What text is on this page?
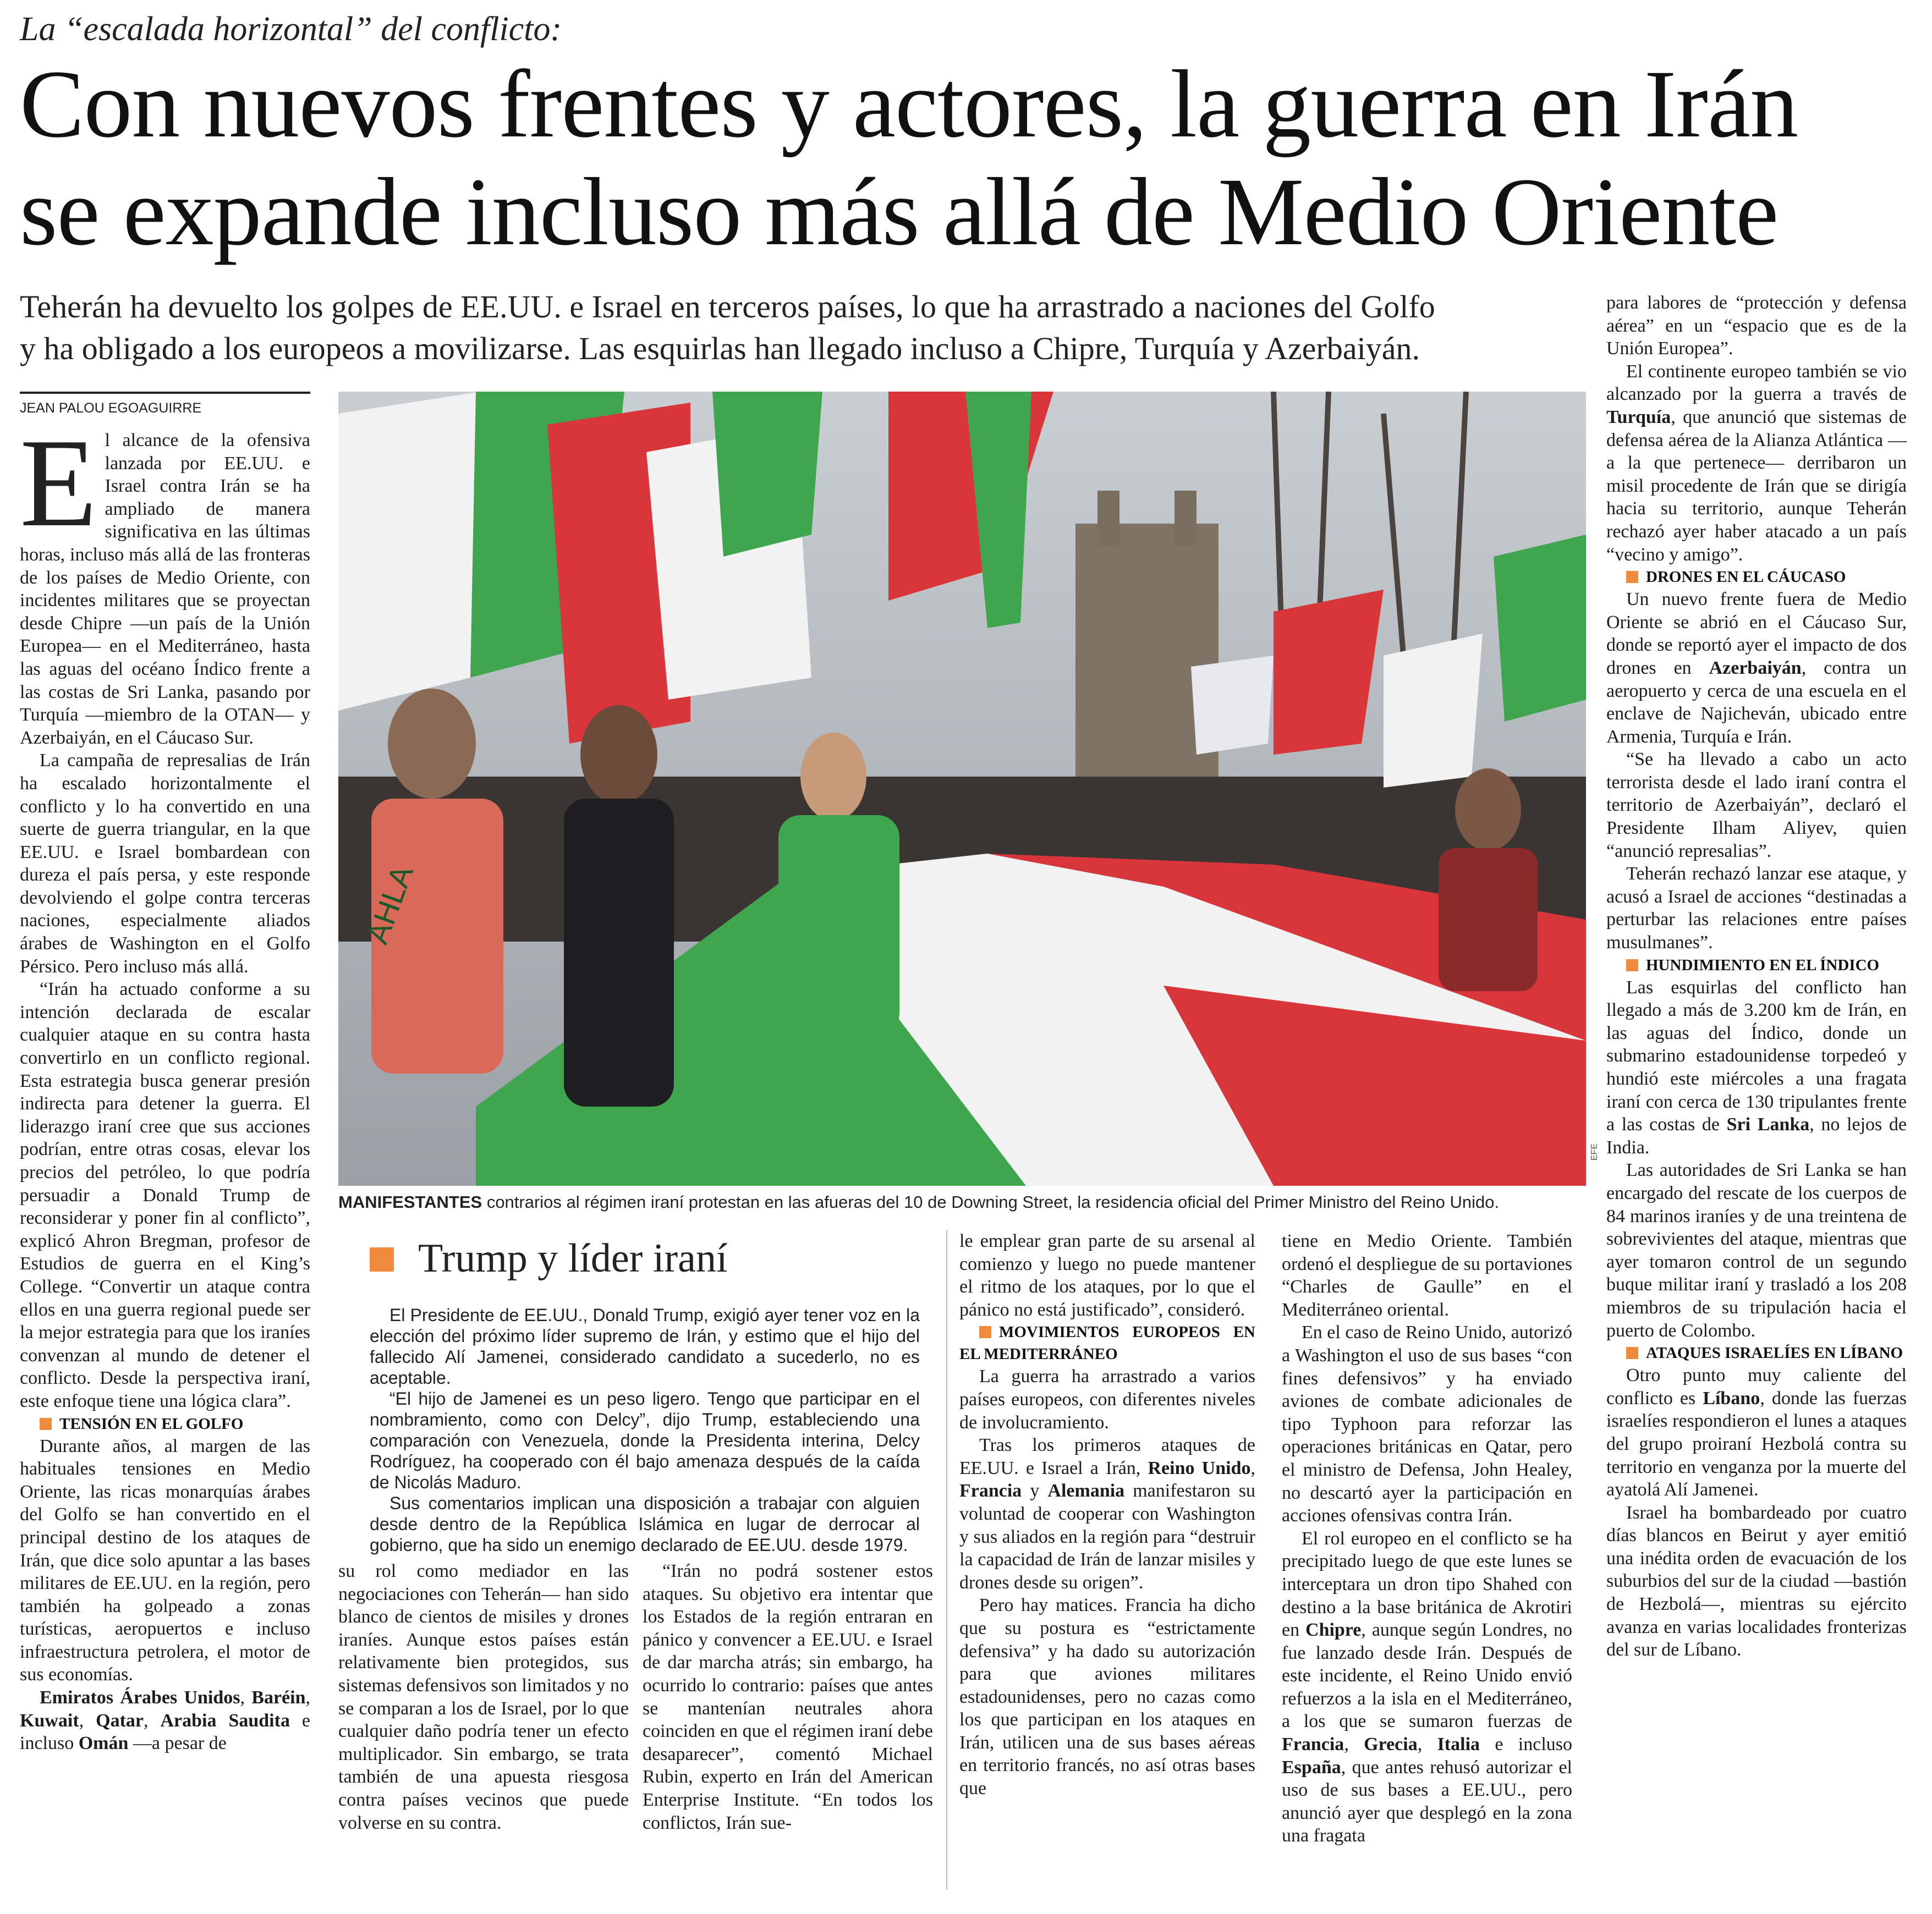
La “escalada horizontal” del conflicto:
Con nuevos frentes y actores, la guerra en Irán
se expande incluso más allá de Medio Oriente
Teherán ha devuelto los golpes de EE.UU. e Israel en terceros países, lo que ha arrastrado a naciones del Golfo
y ha obligado a los europeos a movilizarse. Las esquirlas han llegado incluso a Chipre, Turquía y Azerbaiyán.
JEAN PALOU EGOAGUIRRE

El alcance de la ofensiva lanzada por EE.UU. e Israel contra Irán se ha ampliado de manera significativa en las últimas horas, incluso más allá de las fronteras de los países de Medio Oriente, con incidentes militares que se proyectan desde Chipre —un país de la Unión Europea— en el Mediterráneo, hasta las aguas del océano Índico frente a las costas de Sri Lanka, pasando por Turquía —miembro de la OTAN— y Azerbaiyán, en el Cáucaso Sur.

La campaña de represalias de Irán ha escalado horizontalmente el conflicto y lo ha convertido en una suerte de guerra triangular, en la que EE.UU. e Israel bombardean con dureza el país persa, y este responde devolviendo el golpe contra terceras naciones, especialmente aliados árabes de Washington en el Golfo Pérsico. Pero incluso más allá.

“Irán ha actuado conforme a su intención declarada de escalar cualquier ataque en su contra hasta convertirlo en un conflicto regional. Esta estrategia busca generar presión indirecta para detener la guerra. El liderazgo iraní cree que sus acciones podrían, entre otras cosas, elevar los precios del petróleo, lo que podría persuadir a Donald Trump de reconsiderar y poner fin al conflicto”, explicó Ahron Bregman, profesor de Estudios de guerra en el King’s College. “Convertir un ataque contra ellos en una guerra regional puede ser la mejor estrategia para que los iraníes convenzan al mundo de detener el conflicto. Desde la perspectiva iraní, este enfoque tiene una lógica clara”.

TENSIÓN EN EL GOLFO

Durante años, al margen de las habituales tensiones en Medio Oriente, las ricas monarquías árabes del Golfo se han convertido en el principal destino de los ataques de Irán, que dice solo apuntar a las bases militares de EE.UU. en la región, pero también ha golpeado a zonas turísticas, aeropuertos e incluso infraestructura petrolera, el motor de sus economías.

Emiratos Árabes Unidos, Baréin, Kuwait, Qatar, Arabia Saudita e incluso Omán —a pesar de

AHLA
EFE
MANIFESTANTES contrarios al régimen iraní protestan en las afueras del 10 de Downing Street, la residencia oficial del Primer Ministro del Reino Unido.
Trump y líder iraní

El Presidente de EE.UU., Donald Trump, exigió ayer tener voz en la elección del próximo líder supremo de Irán, y estimo que el hijo del fallecido Alí Jamenei, considerado candidato a sucederlo, no es aceptable.

“El hijo de Jamenei es un peso ligero. Tengo que participar en el nombramiento, como con Delcy”, dijo Trump, estableciendo una comparación con Venezuela, donde la Presidenta interina, Delcy Rodríguez, ha cooperado con él bajo amenaza después de la caída de Nicolás Maduro.

Sus comentarios implican una disposición a trabajar con alguien desde dentro de la República Islámica en lugar de derrocar al gobierno, que ha sido un enemigo declarado de EE.UU. desde 1979.

su rol como mediador en las negociaciones con Teherán— han sido blanco de cientos de misiles y drones iraníes. Aunque estos países están relativamente bien protegidos, sus sistemas defensivos son limitados y no se comparan a los de Israel, por lo que cualquier daño podría tener un efecto multiplicador. Sin embargo, se trata también de una apuesta riesgosa contra países vecinos que puede volverse en su contra.

“Irán no podrá sostener estos ataques. Su objetivo era intentar que los Estados de la región entraran en pánico y convencer a EE.UU. e Israel de dar marcha atrás; sin embargo, ha ocurrido lo contrario: países que antes se mantenían neutrales ahora coinciden en que el régimen iraní debe desaparecer”, comentó Michael Rubin, experto en Irán del American Enterprise Institute. “En todos los conflictos, Irán sue-

le emplear gran parte de su arsenal al comienzo y luego no puede mantener el ritmo de los ataques, por lo que el pánico no está justificado”, consideró.

MOVIMIENTOS EUROPEOS EN EL MEDITERRÁNEO

La guerra ha arrastrado a varios países europeos, con diferentes niveles de involucramiento.

Tras los primeros ataques de EE.UU. e Israel a Irán, Reino Unido, Francia y Alemania manifestaron su voluntad de cooperar con Washington y sus aliados en la región para “destruir la capacidad de Irán de lanzar misiles y drones desde su origen”.

Pero hay matices. Francia ha dicho que su postura es “estrictamente defensiva” y ha dado su autorización para que aviones militares estadounidenses, pero no cazas como los que participan en los ataques en Irán, utilicen una de sus bases aéreas en territorio francés, no así otras bases que

tiene en Medio Oriente. También ordenó el despliegue de su portaviones “Charles de Gaulle” en el Mediterráneo oriental.

En el caso de Reino Unido, autorizó a Washington el uso de sus bases “con fines defensivos” y ha enviado aviones de combate adicionales de tipo Typhoon para reforzar las operaciones británicas en Qatar, pero el ministro de Defensa, John Healey, no descartó ayer la participación en acciones ofensivas contra Irán.

El rol europeo en el conflicto se ha precipitado luego de que este lunes se interceptara un dron tipo Shahed con destino a la base británica de Akrotiri en Chipre, aunque según Londres, no fue lanzado desde Irán. Después de este incidente, el Reino Unido envió refuerzos a la isla en el Mediterráneo, a los que se sumaron fuerzas de Francia, Grecia, Italia e incluso España, que antes rehusó autorizar el uso de sus bases a EE.UU., pero anunció ayer que desplegó en la zona una fragata

para labores de “protección y defensa aérea” en un “espacio que es de la Unión Europea”.

El continente europeo también se vio alcanzado por la guerra a través de Turquía, que anunció que sistemas de defensa aérea de la Alianza Atlántica —a la que pertenece— derribaron un misil procedente de Irán que se dirigía hacia su territorio, aunque Teherán rechazó ayer haber atacado a un país “vecino y amigo”.

DRONES EN EL CÁUCASO

Un nuevo frente fuera de Medio Oriente se abrió en el Cáucaso Sur, donde se reportó ayer el impacto de dos drones en Azerbaiyán, contra un aeropuerto y cerca de una escuela en el enclave de Najicheván, ubicado entre Armenia, Turquía e Irán.

“Se ha llevado a cabo un acto terrorista desde el lado iraní contra el territorio de Azerbaiyán”, declaró el Presidente Ilham Aliyev, quien “anunció represalias”.

Teherán rechazó lanzar ese ataque, y acusó a Israel de acciones “destinadas a perturbar las relaciones entre países musulmanes”.

HUNDIMIENTO EN EL ÍNDICO

Las esquirlas del conflicto han llegado a más de 3.200 km de Irán, en las aguas del Índico, donde un submarino estadounidense torpedeó y hundió este miércoles a una fragata iraní con cerca de 130 tripulantes frente a las costas de Sri Lanka, no lejos de India.

Las autoridades de Sri Lanka se han encargado del rescate de los cuerpos de 84 marinos iraníes y de una treintena de sobrevivientes del ataque, mientras que ayer tomaron control de un segundo buque militar iraní y trasladó a los 208 miembros de su tripulación hacia el puerto de Colombo.

ATAQUES ISRAELÍES EN LÍBANO

Otro punto muy caliente del conflicto es Líbano, donde las fuerzas israelíes respondieron el lunes a ataques del grupo proiraní Hezbolá contra su territorio en venganza por la muerte del ayatolá Alí Jamenei.

Israel ha bombardeado por cuatro días blancos en Beirut y ayer emitió una inédita orden de evacuación de los suburbios del sur de la ciudad —bastión de Hezbolá—, mientras su ejército avanza en varias localidades fronterizas del sur de Líbano.
